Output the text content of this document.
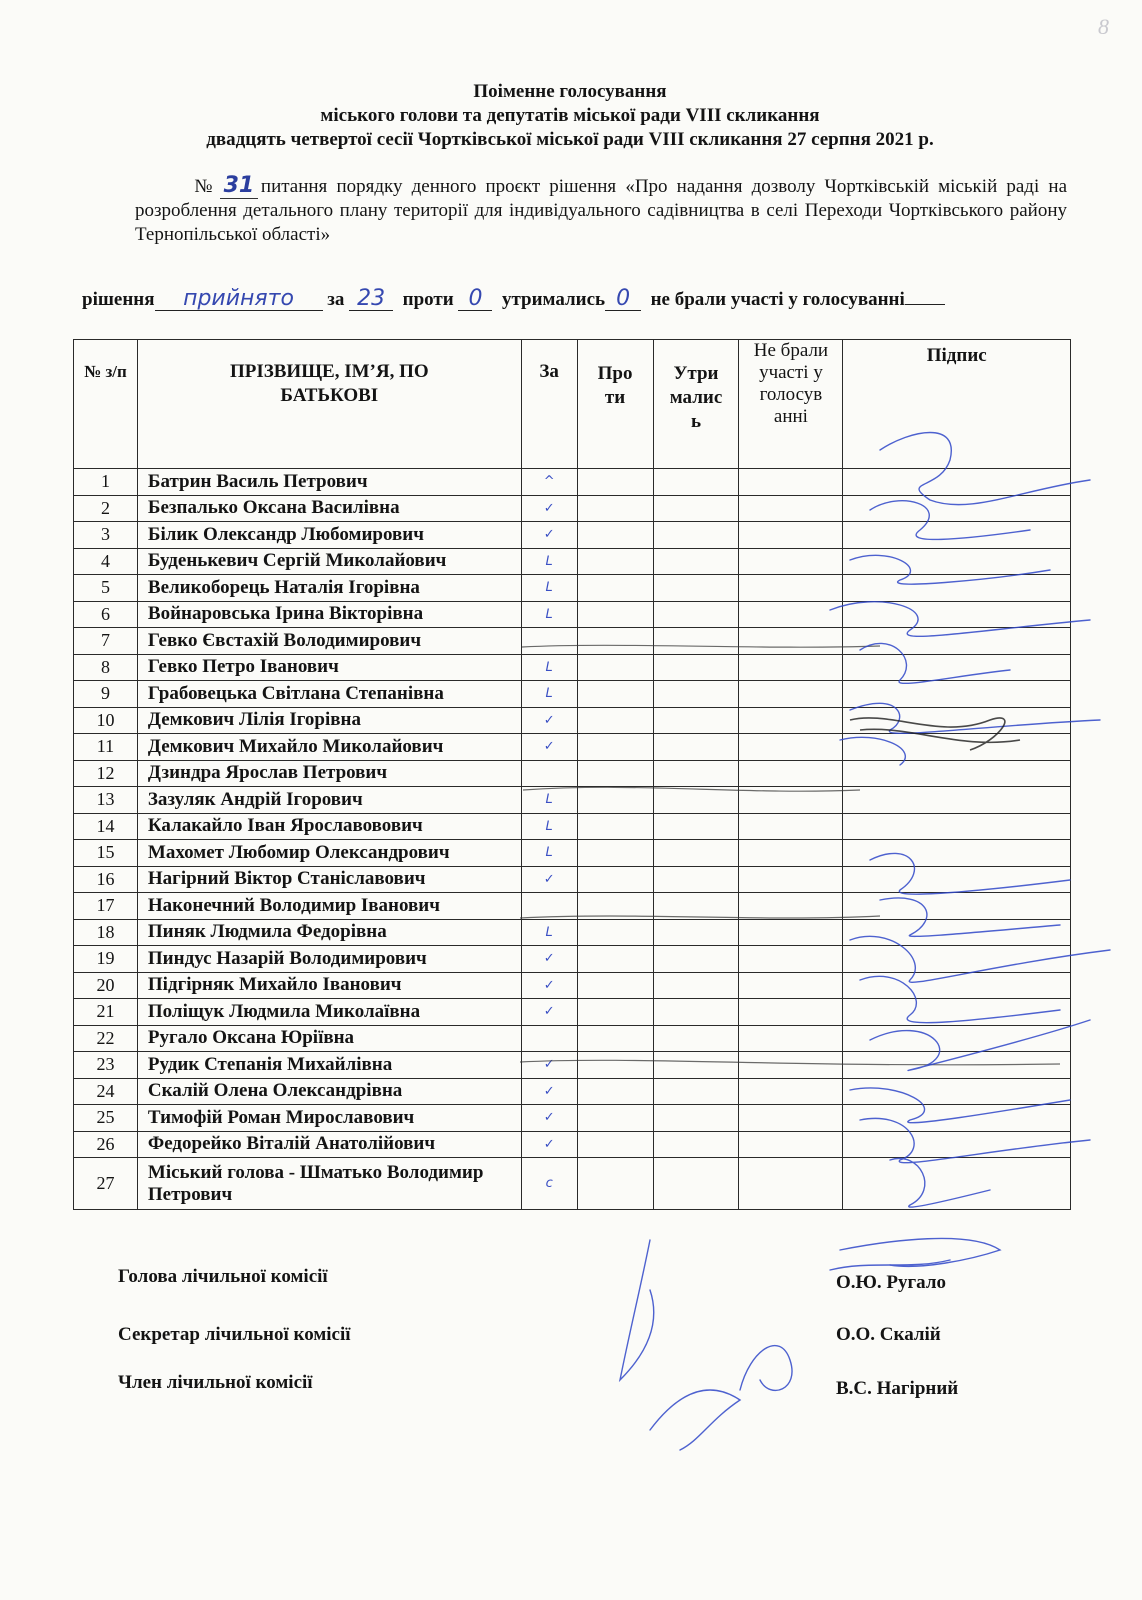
8
Поіменне голосування
міського голови та депутатів міської ради VIII скликання
двадцять четвертої сесії Чортківської міської ради VIII скликання 27 серпня 2021 р.
№ 31 питання порядку денного проєкт рішення «Про надання дозволу Чортківській міській раді на розроблення детального плану території для індивідуального садівництва в селі Переходи Чортківського району Тернопільської області»
рішення прийнято за 23 проти 0 утримались 0 не брали участі у голосуванні
№ з/п	ПРІЗВИЩЕ, ІМ’Я, ПО БАТЬКОВІ	За	Про ти	Утри малис ь	Не брали участі у голосув анні	Підпис
1	Батрин Василь Петрович	^				
2	Безпалько Оксана Василівна	✓				
3	Білик Олександр Любомирович	✓				
4	Буденькевич Сергій Миколайович	ᒪ				
5	Великоборець Наталія Ігорівна	ᒪ				
6	Войнаровська Ірина Вікторівна	ᒪ				
7	Гевко Євстахій Володимирович					
8	Гевко Петро Іванович	ᒪ				
9	Грабовецька Світлана Степанівна	ᒪ				
10	Демкович Лілія Ігорівна	✓				
11	Демкович Михайло Миколайович	✓				
12	Дзиндра Ярослав Петрович					
13	Зазуляк Андрій Ігорович	ᒪ				
14	Калакайло Іван Ярославовович	ᒪ				
15	Махомет Любомир Олександрович	ᒪ				
16	Нагірний Віктор Станіславович	✓				
17	Наконечний Володимир Іванович					
18	Пиняк Людмила Федорівна	ᒪ				
19	Пиндус Назарій Володимирович	✓				
20	Підгірняк Михайло Іванович	✓				
21	Поліщук Людмила Миколаївна	✓				
22	Ругало Оксана Юріївна					
23	Рудик Степанія Михайлівна	✓				
24	Скалій Олена Олександрівна	✓				
25	Тимофій Роман Мирославович	✓				
26	Федорейко Віталій Анатолійович	✓				
27	Міський голова - Шматько Володимир Петрович	c				
Голова лічильної комісії	О.Ю. Ругало
Секретар лічильної комісії	О.О. Скалій
Член лічильної комісії	В.С. Нагірний
